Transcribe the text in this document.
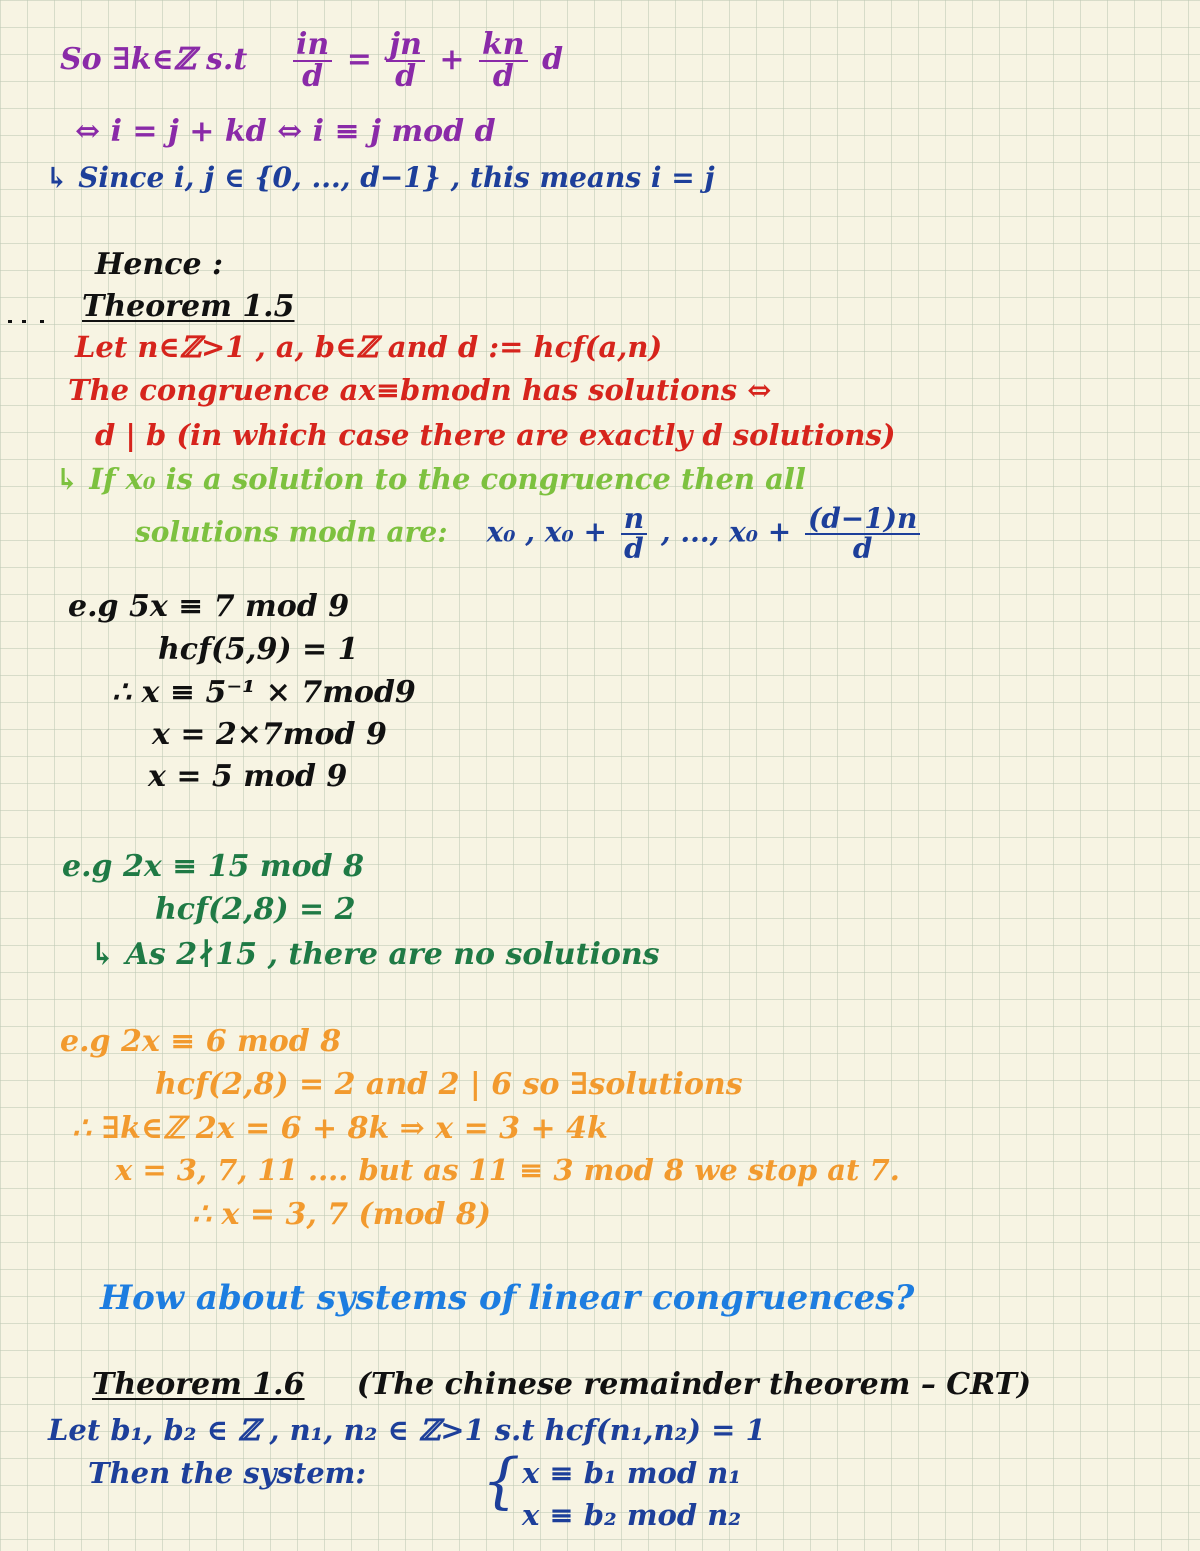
So ∃k∈ℤ $s.t \frac{in}{d} = \frac{jn}{d} + \frac{kn}{d}$ d
⇔ i = j + kd ⇔ i ≡ j mod d
↳ Since i, j ∈ {0, ..., d−1} , this means i = j
Hence :
Theorem 1.5
Let n∈ℤ>1 , a, b∈ℤ and d := hcf(a,n)
The congruence ax≡bmodn has solutions ⇔
d | b (in which case there are exactly d solutions)
↳ If x₀ is a solution to the congruence then all
solutions modn are: x₀ , $x_0 + \frac{n}{d}$ , ..., $x_0 + \frac{(d-1)n}{d}$
e.g 5x ≡ 7 mod 9
hcf(5,9) = 1
∴ x ≡ 5⁻¹ × 7mod9
x = 2×7mod 9
x = 5 mod 9
e.g 2x ≡ 15 mod 8
hcf(2,8) = 2
↳ As 2∤15 , there are no solutions
e.g 2x ≡ 6 mod 8
hcf(2,8) = 2 and 2 | 6 so ∃solutions
∴ ∃k∈ℤ 2x = 6 + 8k ⇒ x = 3 + 4k
x = 3, 7, 11 .... but as 11 ≡ 3 mod 8 we stop at 7.
∴ x = 3, 7 (mod 8)
How about systems of linear congruences?
Theorem 1.6 (The chinese remainder theorem – CRT)
Let b₁, b₂ ∈ ℤ , n₁, n₂ ∈ ℤ>1 s.t hcf(n₁,n₂) = 1
Then the system: { x ≡ b₁ mod n₁
x ≡ b₂ mod n₂
